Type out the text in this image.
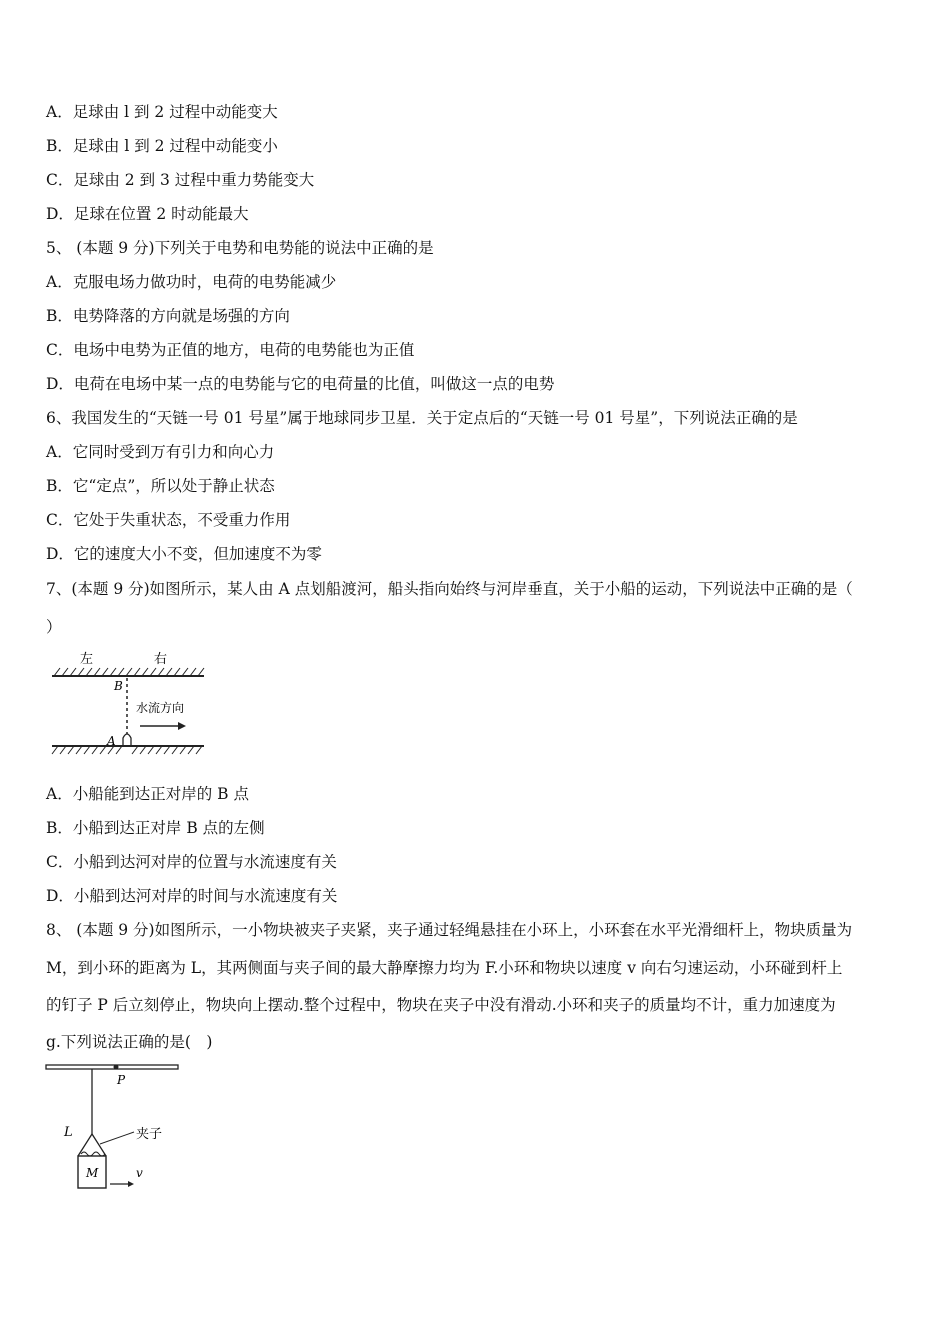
A．足球由 l 到 2 过程中动能变大
B．足球由 l 到 2 过程中动能变小
C．足球由 2 到 3 过程中重力势能变大
D．足球在位置 2 时动能最大
5、 (本题 9 分)下列关于电势和电势能的说法中正确的是
A．克服电场力做功时，电荷的电势能减少
B．电势降落的方向就是场强的方向
C．电场中电势为正值的地方，电荷的电势能也为正值
D．电荷在电场中某一点的电势能与它的电荷量的比值，叫做这一点的电势
6、我国发生的“天链一号 01 号星”属于地球同步卫星．关于定点后的“天链一号 01 号星”，下列说法正确的是
A．它同时受到万有引力和向心力
B．它“定点”，所以处于静止状态
C．它处于失重状态，不受重力作用
D．它的速度大小不变，但加速度不为零
7、(本题 9 分)如图所示，某人由 A 点划船渡河，船头指向始终与河岸垂直，关于小船的运动，下列说法中正确的是（
）
左	右
B
水流方向
A
A．小船能到达正对岸的 B 点
B．小船到达正对岸 B 点的左侧
C．小船到达河对岸的位置与水流速度有关
D．小船到达河对岸的时间与水流速度有关
8、 (本题 9 分)如图所示，一小物块被夹子夹紧，夹子通过轻绳悬挂在小环上，小环套在水平光滑细杆上，物块质量为
M，到小环的距离为 L，其两侧面与夹子间的最大静摩擦力均为 F.小环和物块以速度 v 向右匀速运动，小环碰到杆上
的钉子 P 后立刻停止，物块向上摆动.整个过程中，物块在夹子中没有滑动.小环和夹子的质量均不计，重力加速度为
g.下列说法正确的是(　)
P
L	夹子
M	v
